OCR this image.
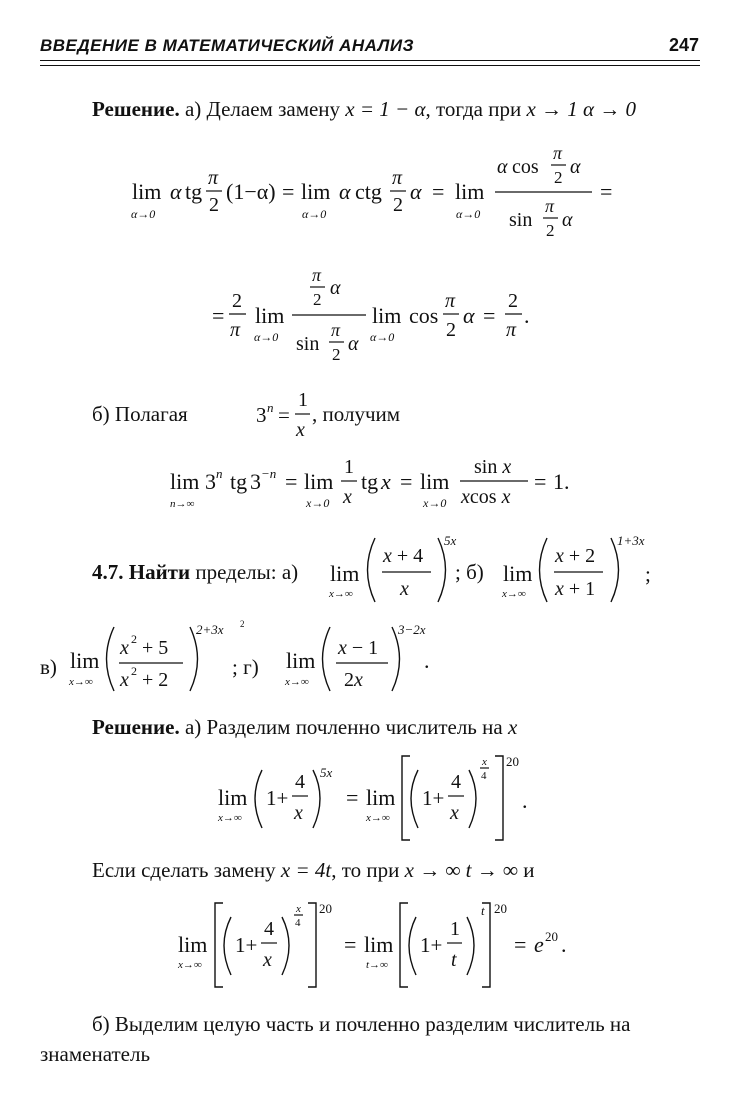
ВВЕДЕНИЕ В МАТЕМАТИЧЕСКИЙ АНАЛИЗ	247
Решение. а) Делаем замену x = 1 − α, тогда при x → 1 α → 0
lim
α→0
α tg
π
2
(1−α) = lim
α→0
α ctg
π
2
α = lim
α→0
α cos
π
2 α
sin
π
2 α
=
=
2
π
lim
α→0
π
2
α
sin
π
2 α
lim
α→0
cos
π
2
α =
2
π
.
б) Полагая	3 n =
1
x
, получим
lim
n→∞
3 n tg 3 −n = lim
x→0
1
x
tg x = lim
x→0
sin x
xcos x
= 1.
4.7. Найти пределы: а) lim
x→∞
x + 4
x
5x
; б) lim
x→∞
x + 2
x + 1
1+3x
;
в) lim
x→∞
x 2 + 5
x 2 + 2
2+3x 2
; г) lim
x→∞
x − 1
2x
3−2x
.
Решение. а) Разделим почленно числитель на x
lim
x→∞
1+
4
x
5x
= lim
x→∞
1+
4
x
x
4
20
.
Если сделать замену x = 4t, то при x → ∞ t → ∞ и
lim
x→∞
1+
4
x
x
4
20
= lim
t→∞
1+
1
t
t 20
= e 20 .
б) Выделим целую часть и почленно разделим числитель на
знаменатель
